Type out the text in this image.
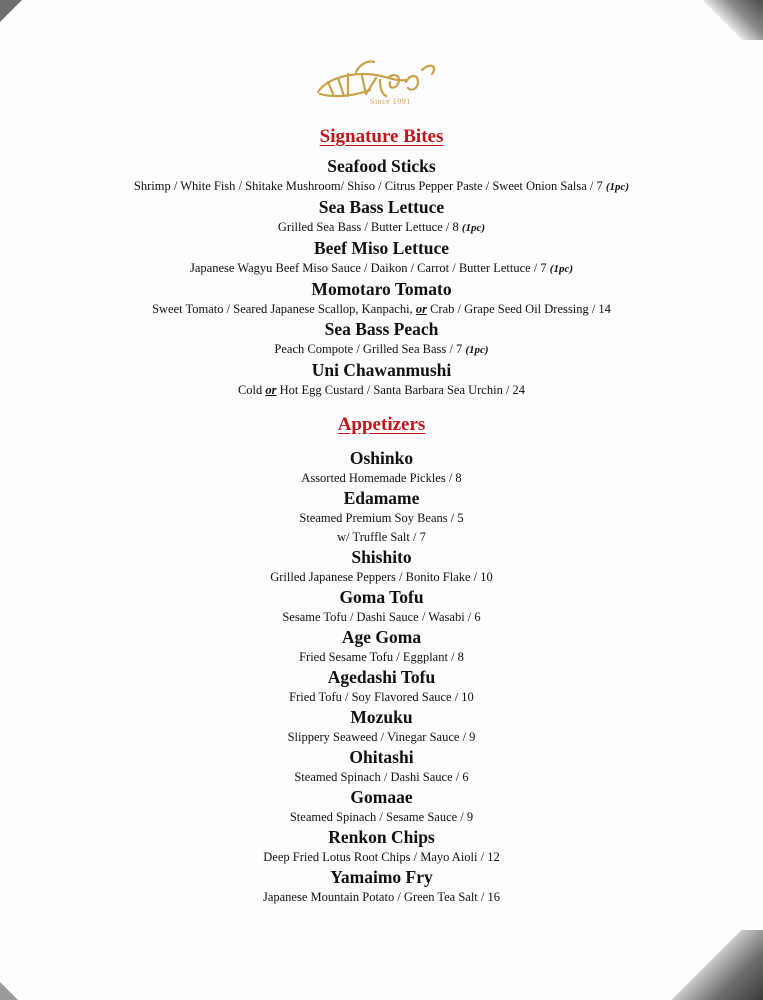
Since 1991
Signature Bites
Seafood Sticks
Shrimp / White Fish / Shitake Mushroom/ Shiso / Citrus Pepper Paste / Sweet Onion Salsa / 7 (1pc)
Sea Bass Lettuce
Grilled Sea Bass / Butter Lettuce / 8 (1pc)
Beef Miso Lettuce
Japanese Wagyu Beef Miso Sauce / Daikon / Carrot / Butter Lettuce / 7 (1pc)
Momotaro Tomato
Sweet Tomato / Seared Japanese Scallop, Kanpachi, or Crab / Grape Seed Oil Dressing / 14
Sea Bass Peach
Peach Compote / Grilled Sea Bass / 7 (1pc)
Uni Chawanmushi
Cold or Hot Egg Custard / Santa Barbara Sea Urchin / 24
Appetizers
Oshinko
Assorted Homemade Pickles / 8
Edamame
Steamed Premium Soy Beans / 5
w/ Truffle Salt / 7
Shishito
Grilled Japanese Peppers / Bonito Flake / 10
Goma Tofu
Sesame Tofu / Dashi Sauce / Wasabi / 6
Age Goma
Fried Sesame Tofu / Eggplant / 8
Agedashi Tofu
Fried Tofu / Soy Flavored Sauce / 10
Mozuku
Slippery Seaweed / Vinegar Sauce / 9
Ohitashi
Steamed Spinach / Dashi Sauce / 6
Gomaae
Steamed Spinach / Sesame Sauce / 9
Renkon Chips
Deep Fried Lotus Root Chips / Mayo Aioli / 12
Yamaimo Fry
Japanese Mountain Potato / Green Tea Salt / 16
